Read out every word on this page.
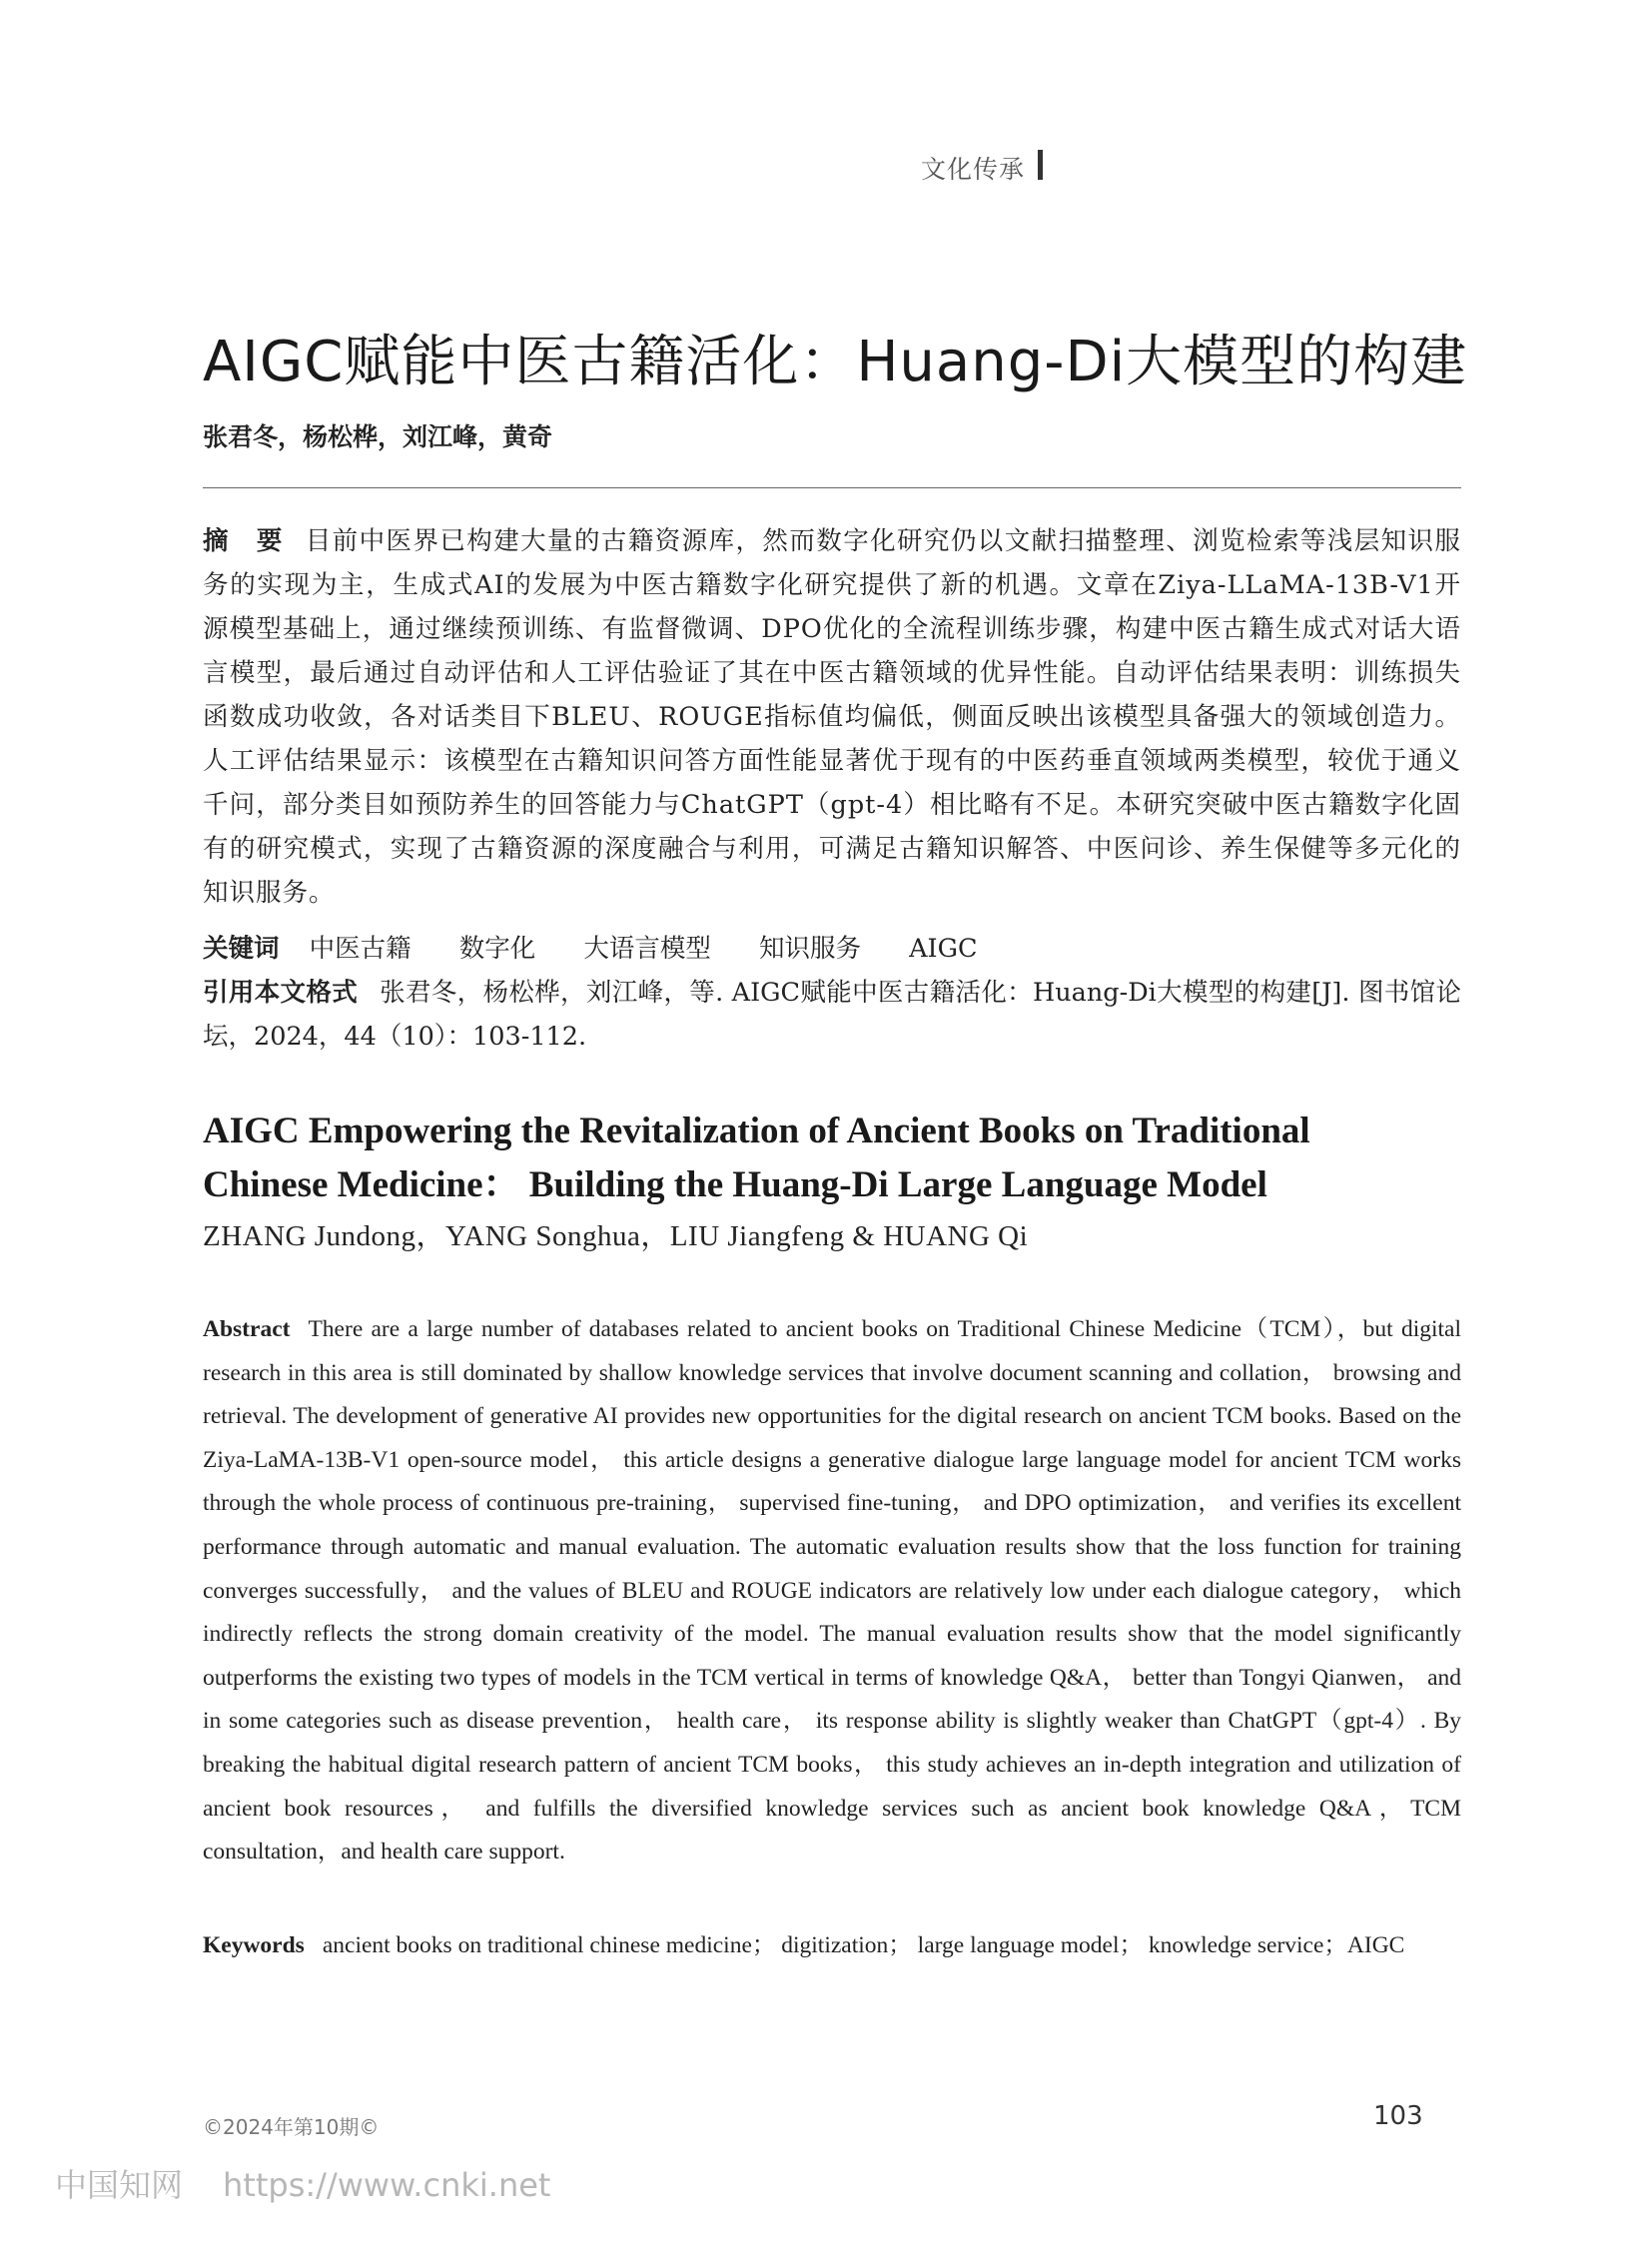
文化传承
AIGC赋能中医古籍活化：Huang-Di大模型的构建
张君冬，杨松桦，刘江峰，黄奇
摘　要 目前中医界已构建大量的古籍资源库，然而数字化研究仍以文献扫描整理、浏览检索等浅层知识服务的实现为主，生成式AI的发展为中医古籍数字化研究提供了新的机遇。文章在Ziya-LLaMA-13B-V1开源模型基础上，通过继续预训练、有监督微调、DPO优化的全流程训练步骤，构建中医古籍生成式对话大语言模型，最后通过自动评估和人工评估验证了其在中医古籍领域的优异性能。自动评估结果表明：训练损失函数成功收敛，各对话类目下BLEU、ROUGE指标值均偏低，侧面反映出该模型具备强大的领域创造力。人工评估结果显示：该模型在古籍知识问答方面性能显著优于现有的中医药垂直领域两类模型，较优于通义千问，部分类目如预防养生的回答能力与ChatGPT（gpt-4）相比略有不足。本研究突破中医古籍数字化固有的研究模式，实现了古籍资源的深度融合与利用，可满足古籍知识解答、中医问诊、养生保健等多元化的知识服务。
关键词 中医古籍 数字化 大语言模型 知识服务 AIGC
引用本文格式 张君冬，杨松桦，刘江峰，等. AIGC赋能中医古籍活化：Huang-Di大模型的构建[J]. 图书馆论坛，2024，44（10）：103-112.
AIGC Empowering the Revitalization of Ancient Books on Traditional
Chinese Medicine： Building the Huang-Di Large Language Model
ZHANG Jundong，YANG Songhua，LIU Jiangfeng & HUANG Qi
Abstract There are a large number of databases related to ancient books on Traditional Chinese Medicine（TCM），but digital research in this area is still dominated by shallow knowledge services that involve document scanning and collation， browsing and retrieval. The development of generative AI provides new opportunities for the digital research on ancient TCM books. Based on the Ziya-LaMA-13B-V1 open-source model， this article designs a generative dialogue large language model for ancient TCM works through the whole process of continuous pre-training， supervised fine-tuning， and DPO optimization， and verifies its excellent performance through automatic and manual evaluation. The automatic evaluation results show that the loss function for training converges successfully， and the values of BLEU and ROUGE indicators are relatively low under each dialogue category， which indirectly reflects the strong domain creativity of the model. The manual evaluation results show that the model significantly outperforms the existing two types of models in the TCM vertical in terms of knowledge Q&A， better than Tongyi Qianwen， and in some categories such as disease prevention， health care， its response ability is slightly weaker than ChatGPT（gpt-4）. By breaking the habitual digital research pattern of ancient TCM books， this study achieves an in-depth integration and utilization of ancient book resources， and fulfills the diversified knowledge services such as ancient book knowledge Q&A，TCM consultation，and health care support.
Keywords ancient books on traditional chinese medicine； digitization； large language model； knowledge service；AIGC
©2024年第10期©	103
中国知网 https://www.cnki.net
